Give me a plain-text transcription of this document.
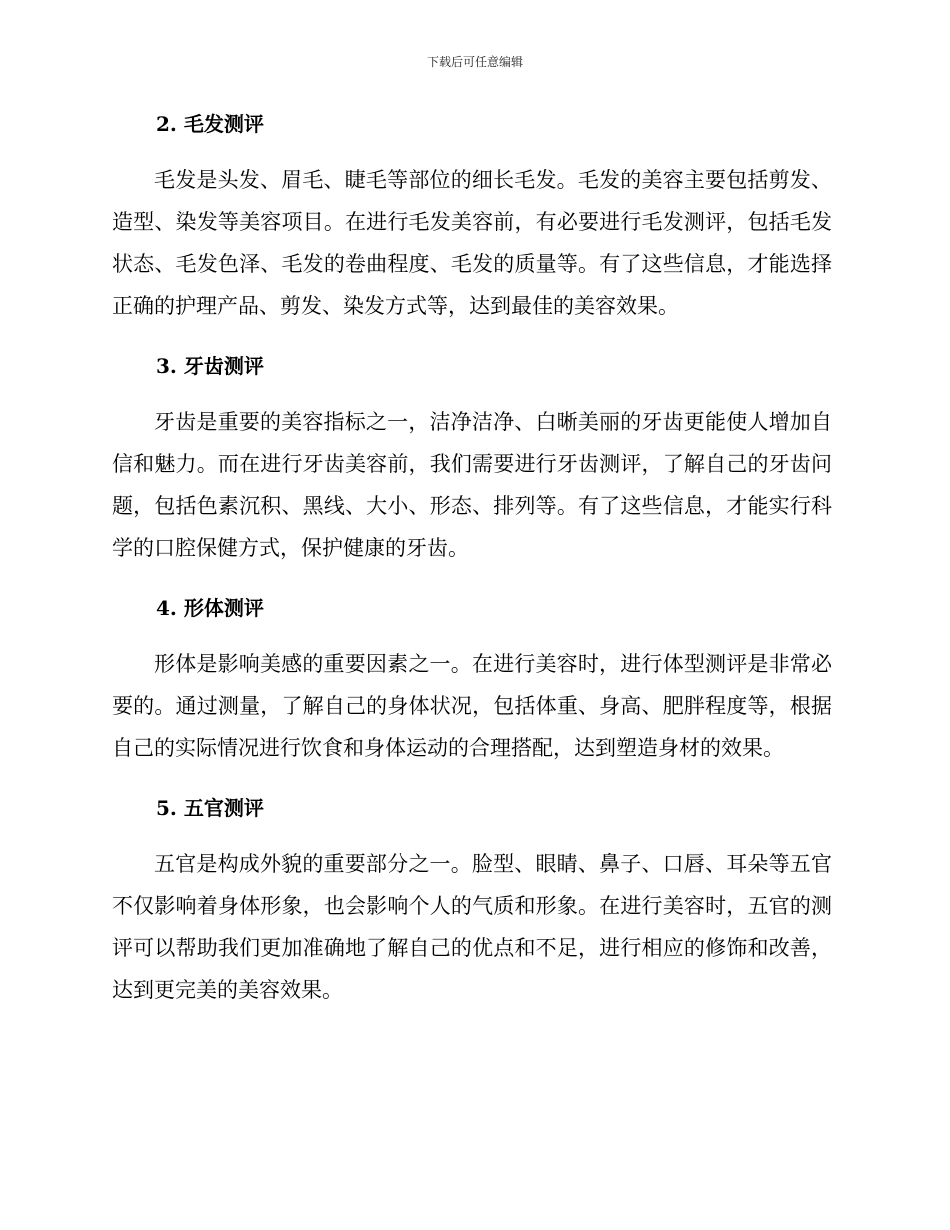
下载后可任意编辑
2. 毛发测评

毛发是头发、眉毛、睫毛等部位的细长毛发。毛发的美容主要包括剪发、造型、染发等美容项目。在进行毛发美容前，有必要进行毛发测评，包括毛发状态、毛发色泽、毛发的卷曲程度、毛发的质量等。有了这些信息，才能选择正确的护理产品、剪发、染发方式等，达到最佳的美容效果。

3. 牙齿测评

牙齿是重要的美容指标之一，洁净洁净、白晰美丽的牙齿更能使人增加自信和魅力。而在进行牙齿美容前，我们需要进行牙齿测评，了解自己的牙齿问题，包括色素沉积、黑线、大小、形态、排列等。有了这些信息，才能实行科学的口腔保健方式，保护健康的牙齿。

4. 形体测评

形体是影响美感的重要因素之一。在进行美容时，进行体型测评是非常必要的。通过测量，了解自己的身体状况，包括体重、身高、肥胖程度等，根据自己的实际情况进行饮食和身体运动的合理搭配，达到塑造身材的效果。

5. 五官测评

五官是构成外貌的重要部分之一。脸型、眼睛、鼻子、口唇、耳朵等五官不仅影响着身体形象，也会影响个人的气质和形象。在进行美容时，五官的测评可以帮助我们更加准确地了解自己的优点和不足，进行相应的修饰和改善，达到更完美的美容效果。
